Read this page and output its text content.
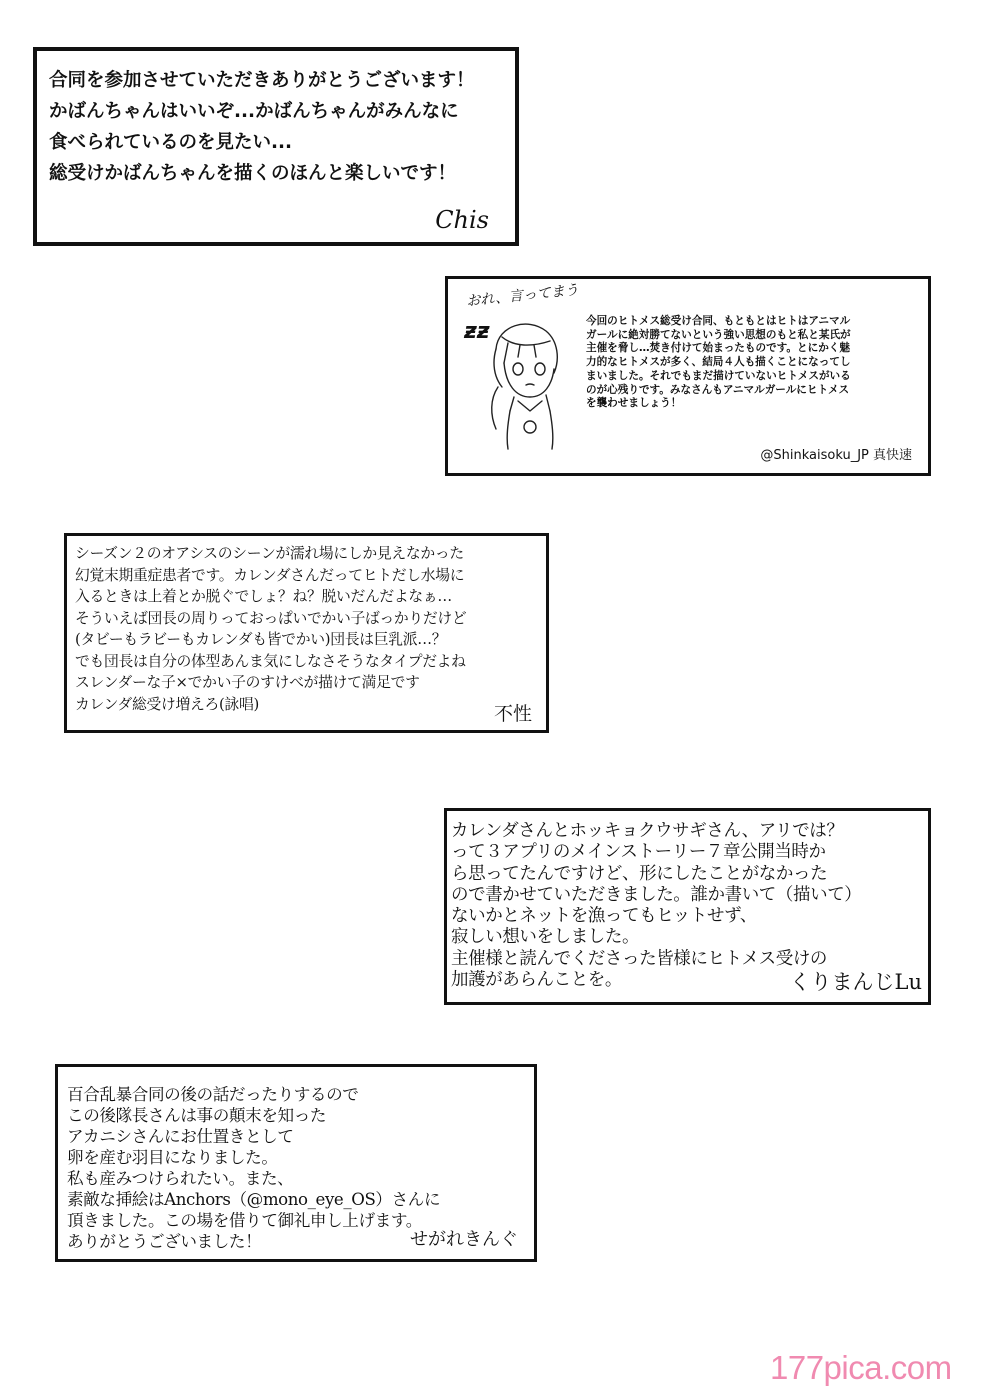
合同を参加させていただきありがとうございます！
かばんちゃんはいいぞ...かばんちゃんがみんなに
食べられているのを見たい...
総受けかばんちゃんを描くのほんと楽しいです！
Chis
おれ、言ってまう
ƶƶ	今回のヒトメス総受け合同、もともとはヒトはアニマル
ガールに絶対勝てないという強い思想のもと私と某氏が
主催を脅し…焚き付けて始まったものです。とにかく魅
力的なヒトメスが多く、結局４人も描くことになってし
まいました。それでもまだ描けていないヒトメスがいる
のが心残りです。みなさんもアニマルガールにヒトメス
を襲わせましょう！
@Shinkaisoku_JP 真快速
シーズン２のオアシスのシーンが濡れ場にしか見えなかった
幻覚末期重症患者です。カレンダさんだってヒトだし水場に
入るときは上着とか脱ぐでしょ？ね？脱いだんだよなぁ…
そういえば団長の周りっておっぱいでかい子ばっかりだけど
(タビーもラビーもカレンダも皆でかい)団長は巨乳派…？
でも団長は自分の体型あんま気にしなさそうなタイプだよね
スレンダーな子×でかい子のすけべが描けて満足です
カレンダ総受け増えろ(詠唱)	不性
カレンダさんとホッキョクウサギさん、アリでは？
って３アプリのメインストーリー７章公開当時か
ら思ってたんですけど、形にしたことがなかった
ので書かせていただきました。誰か書いて（描いて）
ないかとネットを漁ってもヒットせず、
寂しい想いをしました。
主催様と読んでくださった皆様にヒトメス受けの
加護があらんことを。	くりまんじLu
百合乱暴合同の後の話だったりするので
この後隊長さんは事の顛末を知った
アカニシさんにお仕置きとして
卵を産む羽目になりました。
私も産みつけられたい。また、
素敵な挿絵はAnchors（@mono_eye_OS）さんに
頂きました。この場を借りて御礼申し上げます。
ありがとうございました！	せがれきんぐ
177pica.com
